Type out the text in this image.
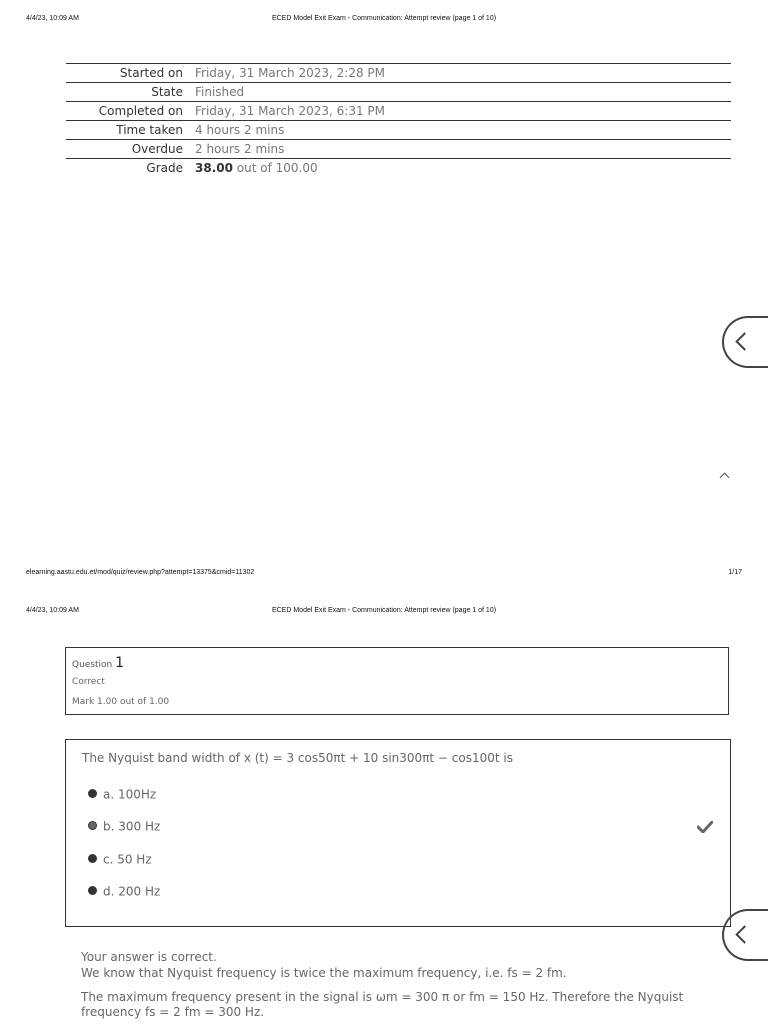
4/4/23, 10:09 AM	ECED Model Exit Exam - Communication: Attempt review (page 1 of 10)
Started on	Friday, 31 March 2023, 2:28 PM
State	Finished
Completed on	Friday, 31 March 2023, 6:31 PM
Time taken	4 hours 2 mins
Overdue	2 hours 2 mins
Grade	38.00 out of 100.00
elearning.aastu.edu.et/mod/quiz/review.php?attempt=13375&cmid=11302	1/17
4/4/23, 10:09 AM	ECED Model Exit Exam - Communication: Attempt review (page 1 of 10)
Question 1
Correct
Mark 1.00 out of 1.00
The Nyquist band width of x (t) = 3 cos50πt + 10 sin300πt − cos100t is
a. 100Hz
b. 300 Hz
c. 50 Hz
d. 200 Hz
Your answer is correct.
We know that Nyquist frequency is twice the maximum frequency, i.e. fs = 2 fm.
The maximum frequency present in the signal is ωm = 300 π or fm = 150 Hz. Therefore the Nyquist
frequency fs = 2 fm = 300 Hz.
